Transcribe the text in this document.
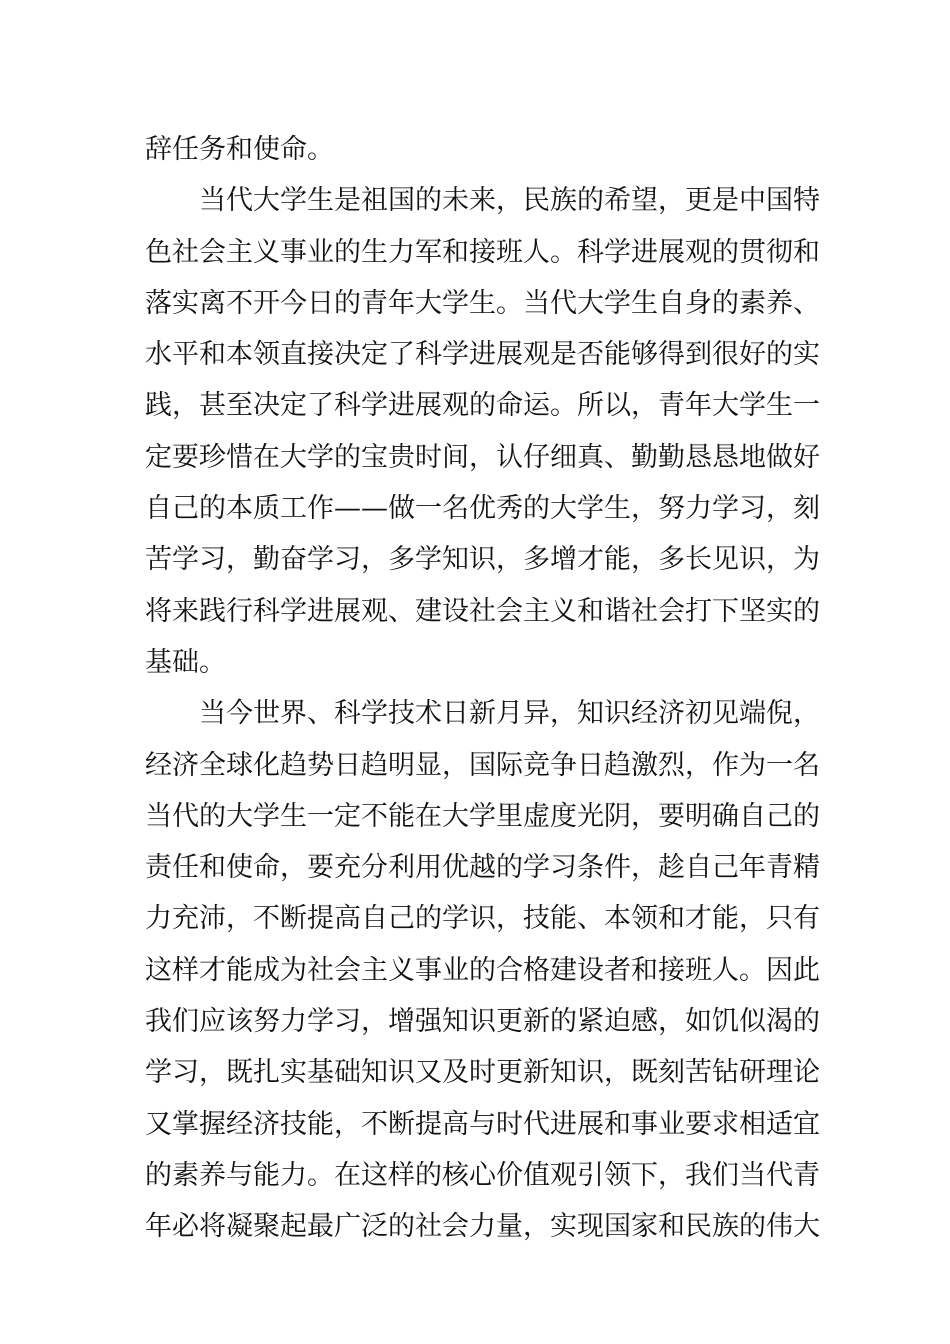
辞任务和使命。
当代大学生是祖国的未来，民族的希望，更是中国特
色社会主义事业的生力军和接班人。科学进展观的贯彻和
落实离不开今日的青年大学生。当代大学生自身的素养、
水平和本领直接决定了科学进展观是否能够得到很好的实
践，甚至决定了科学进展观的命运。所以，青年大学生一
定要珍惜在大学的宝贵时间，认仔细真、勤勤恳恳地做好
自己的本质工作——做一名优秀的大学生，努力学习，刻
苦学习，勤奋学习，多学知识，多增才能，多长见识，为
将来践行科学进展观、建设社会主义和谐社会打下坚实的
基础。
当今世界、科学技术日新月异，知识经济初见端倪，
经济全球化趋势日趋明显，国际竞争日趋激烈，作为一名
当代的大学生一定不能在大学里虚度光阴，要明确自己的
责任和使命，要充分利用优越的学习条件，趁自己年青精
力充沛，不断提高自己的学识，技能、本领和才能，只有
这样才能成为社会主义事业的合格建设者和接班人。因此
我们应该努力学习，增强知识更新的紧迫感，如饥似渴的
学习，既扎实基础知识又及时更新知识，既刻苦钻研理论
又掌握经济技能，不断提高与时代进展和事业要求相适宜
的素养与能力。在这样的核心价值观引领下，我们当代青
年必将凝聚起最广泛的社会力量，实现国家和民族的伟大
